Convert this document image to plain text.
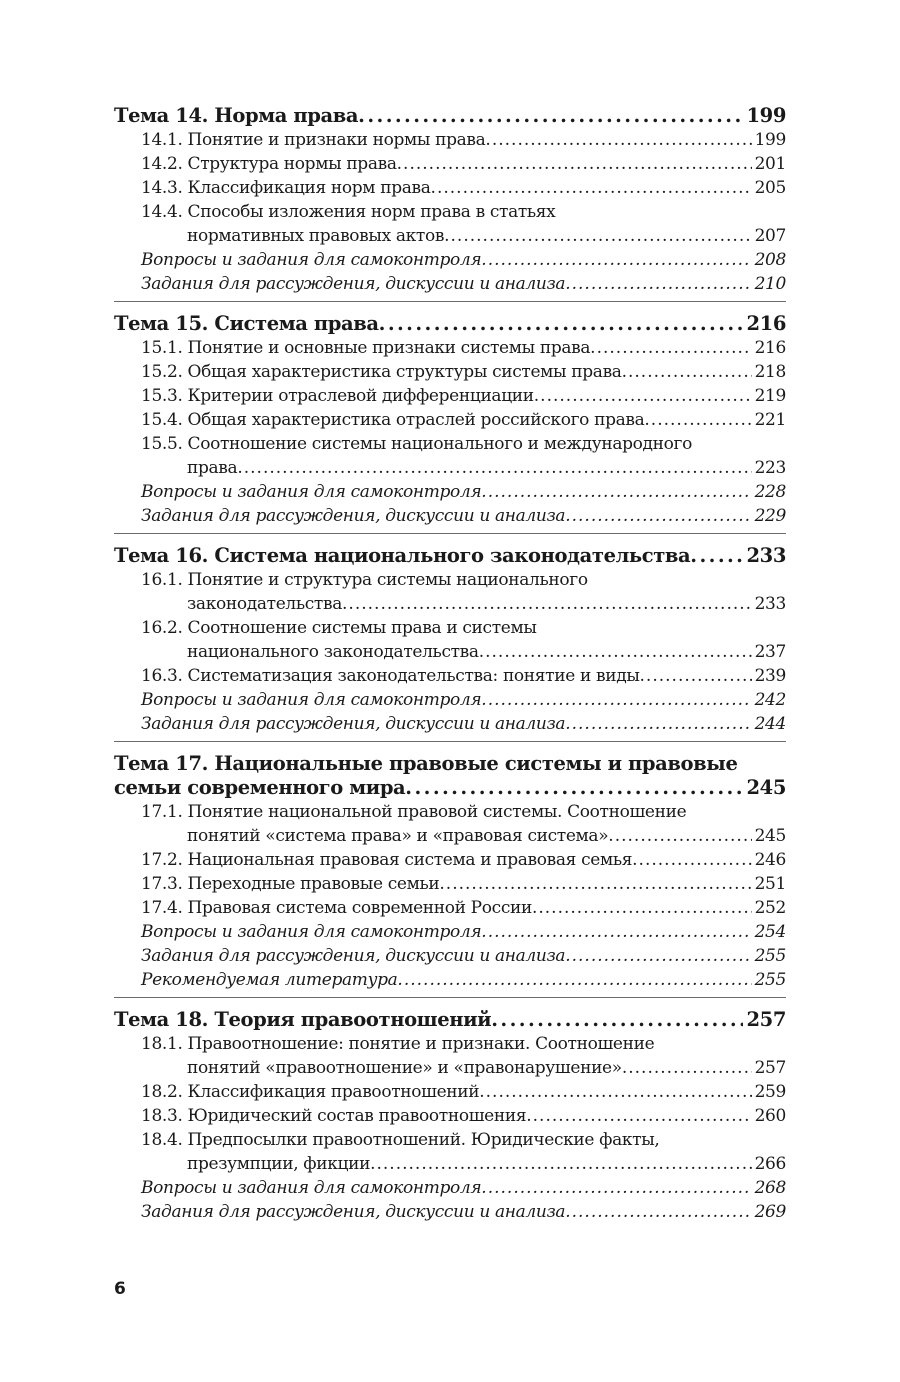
Тема 14. Норма права . . .	199
14.1. Понятие и признаки нормы права . . .	199
14.2. Структура нормы права . . .	201
14.3. Классификация норм права . . .	205
14.4. Способы изложения норм права в статьях
нормативных правовых актов . . .	207
Вопросы и задания для самоконтроля . . .	208
Задания для рассуждения, дискуссии и анализа . . .	210
Тема 15. Система права . . .	216
15.1. Понятие и основные признаки системы права . . .	216
15.2. Общая характеристика структуры системы права . . .	218
15.3. Критерии отраслевой дифференциации . . .	219
15.4. Общая характеристика отраслей российского права . . .	221
15.5. Соотношение системы национального и международного
права . . .	223
Вопросы и задания для самоконтроля . . .	228
Задания для рассуждения, дискуссии и анализа . . .	229
Тема 16. Система национального законодательства . . .	233
16.1. Понятие и структура системы национального
законодательства . . .	233
16.2. Соотношение системы права и системы
национального законодательства . . .	237
16.3. Систематизация законодательства: понятие и виды . . .	239
Вопросы и задания для самоконтроля . . .	242
Задания для рассуждения, дискуссии и анализа . . .	244
Тема 17. Национальные правовые системы и правовые
семьи современного мира . . .	245
17.1. Понятие национальной правовой системы. Соотношение
понятий «система права» и «правовая система» . . .	245
17.2. Национальная правовая система и правовая семья . . .	246
17.3. Переходные правовые семьи . . .	251
17.4. Правовая система современной России . . .	252
Вопросы и задания для самоконтроля . . .	254
Задания для рассуждения, дискуссии и анализа . . .	255
Рекомендуемая литература . . .	255
Тема 18. Теория правоотношений . . .	257
18.1. Правоотношение: понятие и признаки. Соотношение
понятий «правоотношение» и «правонарушение» . . .	257
18.2. Классификация правоотношений . . .	259
18.3. Юридический состав правоотношения . . .	260
18.4. Предпосылки правоотношений. Юридические факты,
презумпции, фикции . . .	266
Вопросы и задания для самоконтроля . . .	268
Задания для рассуждения, дискуссии и анализа . . .	269
6
